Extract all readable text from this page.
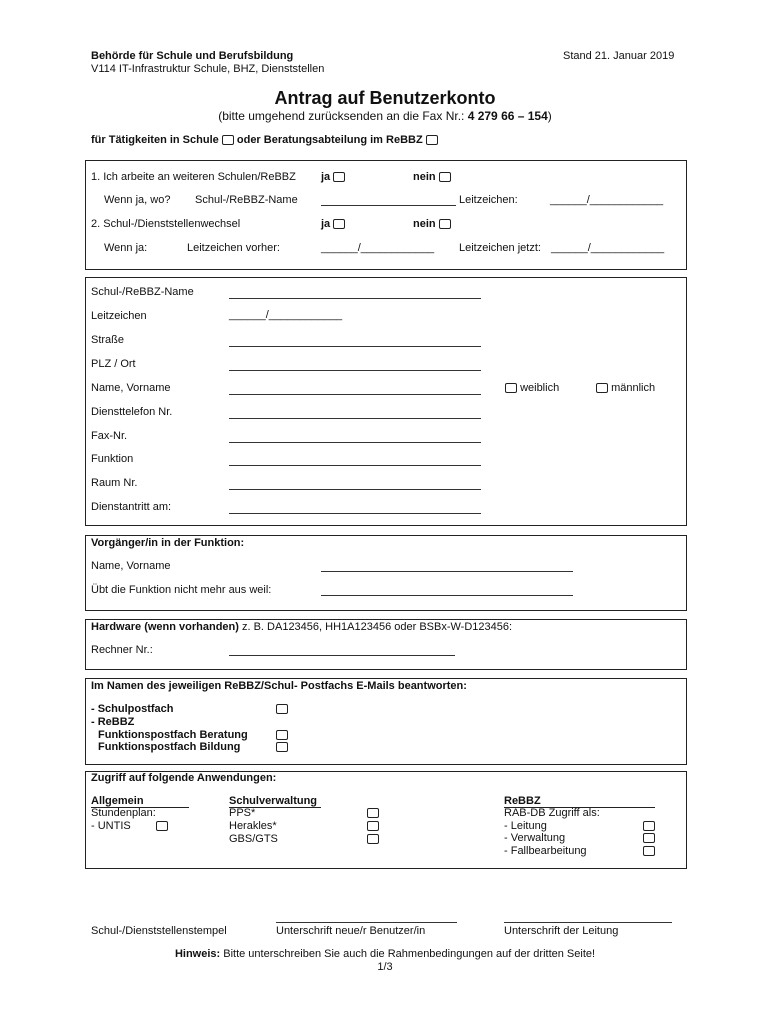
Behörde für Schule und Berufsbildung
V114 IT-Infrastruktur Schule, BHZ, Dienststellen
Stand 21. Januar 2019
Antrag auf Benutzerkonto
(bitte umgehend zurücksenden an die Fax Nr.: 4 279 66 – 154)
für Tätigkeiten in Schule oder Beratungsabteilung im ReBBZ
1. Ich arbeite an weiteren Schulen/ReBBZ ja	nein
Wenn ja, wo? Schul-/ReBBZ-Name	Leitzeichen:	______/____________
2. Schul-/Dienststellenwechsel	ja	nein
Wenn ja:	Leitzeichen vorher:	______/____________ Leitzeichen jetzt: ______/____________
Schul-/ReBBZ-Name
Leitzeichen	______/____________
Straße
PLZ / Ort
Name, Vorname	weiblich	männlich
Diensttelefon Nr.
Fax-Nr.
Funktion
Raum Nr.
Dienstantritt am:
Vorgänger/in in der Funktion:
Name, Vorname
Übt die Funktion nicht mehr aus weil:
Hardware (wenn vorhanden) z. B. DA123456, HH1A123456 oder BSBx-W-D123456:
Rechner Nr.:
Im Namen des jeweiligen ReBBZ/Schul- Postfachs E-Mails beantworten:
- Schulpostfach
- ReBBZ
Funktionspostfach Beratung
Funktionspostfach Bildung
Zugriff auf folgende Anwendungen:
Allgemein
Stundenplan:
- UNTIS
Schulverwaltung
PPS*
Herakles*
GBS/GTS
ReBBZ
RAB-DB Zugriff als:
- Leitung
- Verwaltung
- Fallbearbeitung
Schul-/Dienststellenstempel	Unterschrift neue/r Benutzer/in	Unterschrift der Leitung
Hinweis: Bitte unterschreiben Sie auch die Rahmenbedingungen auf der dritten Seite!
1/3
